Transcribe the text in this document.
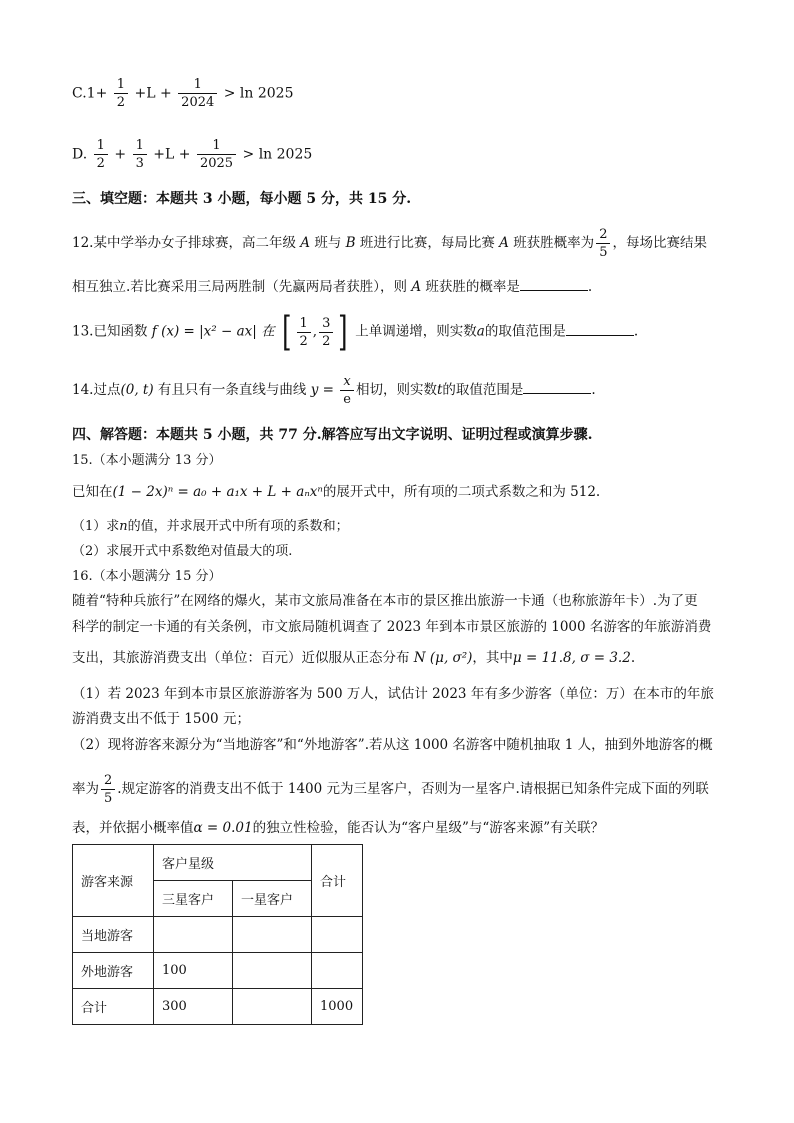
$C.1+ \frac{1}{2} +L + \frac{1}{2024} > \ln 2025$
D. $\frac{1}{2} + \frac{1}{3} +L + \frac{1}{2025} > \ln 2025$
三、填空题：本题共 3 小题，每小题 5 分，共 15 分.
12.某中学举办女子排球赛，高二年级 A 班与 B 班进行比赛，每局比赛 A 班获胜概率为 $\frac{2}{5}$ ，每场比赛结果
相互独立.若比赛采用三局两胜制（先赢两局者获胜），则 A 班获胜的概率是	.
13.已知函数 f (x) = |x² − ax| 在 [ $\frac{1}{2}$ , $\frac{3}{2}$ ] 上单调递增，则实数a的取值范围是	.
14.过点(0, t) 有且只有一条直线与曲线 $y = \frac{x}{e}$ 相切，则实数t的取值范围是	.
四、解答题：本题共 5 小题，共 77 分.解答应写出文字说明、证明过程或演算步骤.
15.（本小题满分 13 分）
已知在(1 − 2x)ⁿ = a₀ + a₁x + L + aₙxⁿ的展开式中，所有项的二项式系数之和为 512.
（1）求n的值，并求展开式中所有项的系数和；
（2）求展开式中系数绝对值最大的项.
16.（本小题满分 15 分）
随着“特种兵旅行”在网络的爆火，某市文旅局准备在本市的景区推出旅游一卡通（也称旅游年卡）.为了更
科学的制定一卡通的有关条例，市文旅局随机调查了 2023 年到本市景区旅游的 1000 名游客的年旅游消费
支出，其旅游消费支出（单位：百元）近似服从正态分布 N (μ, σ²)，其中μ = 11.8, σ = 3.2.
（1）若 2023 年到本市景区旅游游客为 500 万人，试估计 2023 年有多少游客（单位：万）在本市的年旅
游消费支出不低于 1500 元；
（2）现将游客来源分为“当地游客”和“外地游客”.若从这 1000 名游客中随机抽取 1 人，抽到外地游客的概
率为 $\frac{2}{5}$ .规定游客的消费支出不低于 1400 元为三星客户，否则为一星客户.请根据已知条件完成下面的列联
表，并依据小概率值α = 0.01的独立性检验，能否认为“客户星级”与“游客来源”有关联？
游客来源	客户星级		合计
	三星客户	一星客户	
当地游客			
外地游客	100		
合计	300		1000
